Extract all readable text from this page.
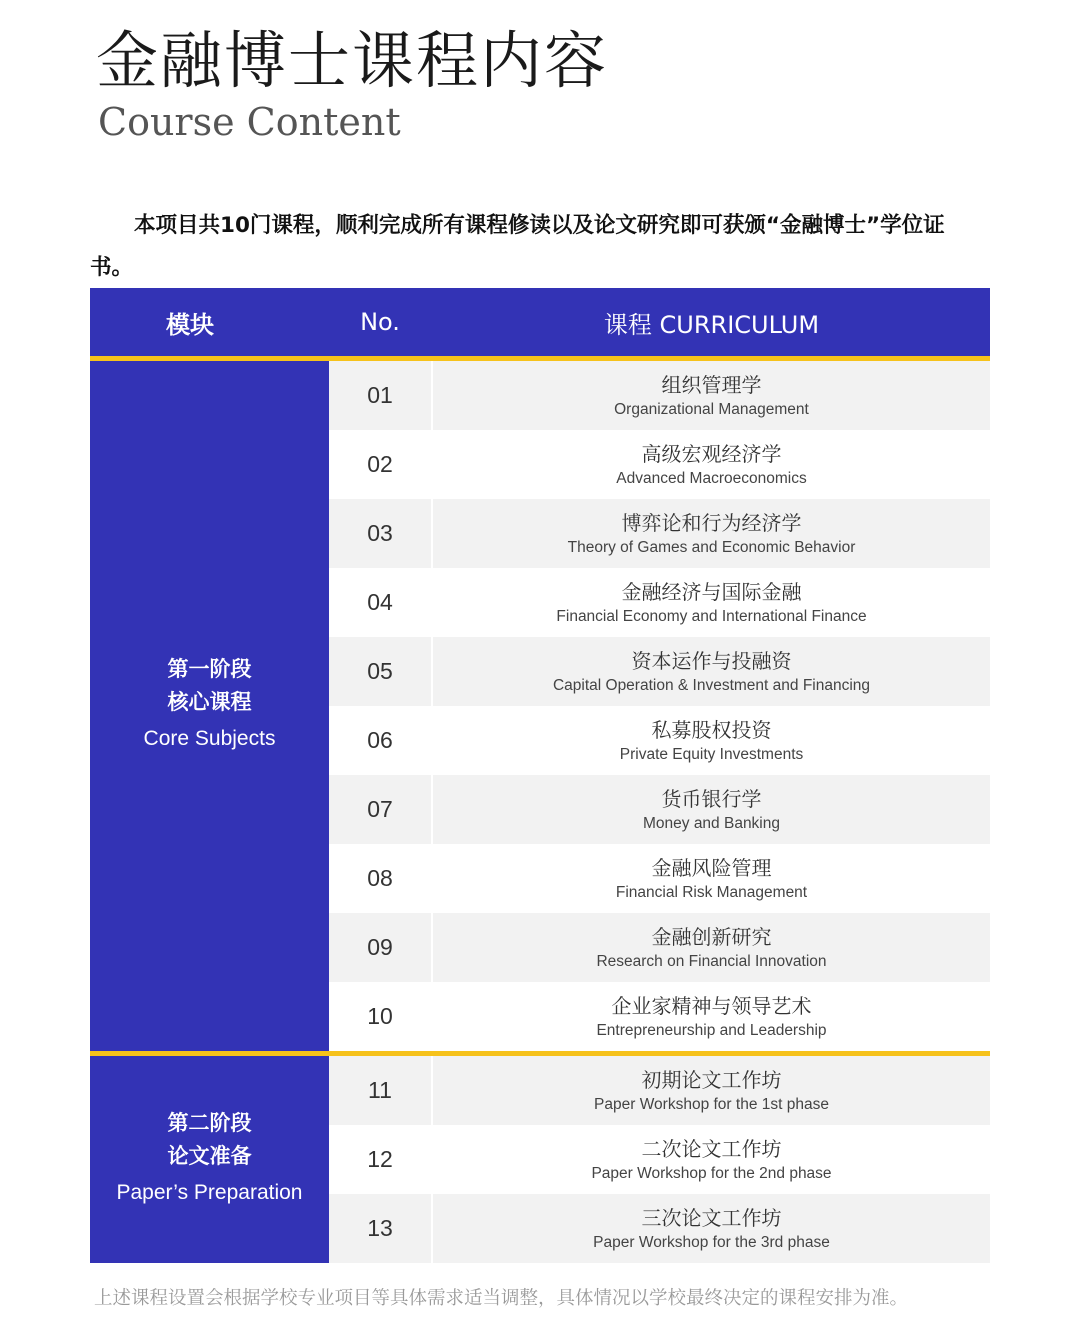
金融博士课程内容
Course Content

本项目共10门课程，顺利完成所有课程修读以及论文研究即可获颁“金融博士”学位证书。

模块	No.	课程 CURRICULUM
第一阶段
核心课程
Core Subjects
01	组织管理学
Organizational Management
02	高级宏观经济学
Advanced Macroeconomics
03	博弈论和行为经济学
Theory of Games and Economic Behavior
04	金融经济与国际金融
Financial Economy and International Finance
05	资本运作与投融资
Capital Operation & Investment and Financing
06	私募股权投资
Private Equity Investments
07	货币银行学
Money and Banking
08	金融风险管理
Financial Risk Management
09	金融创新研究
Research on Financial Innovation
10	企业家精神与领导艺术
Entrepreneurship and Leadership
第二阶段
论文准备
Paper’s Preparation
11	初期论文工作坊
Paper Workshop for the 1st phase
12	二次论文工作坊
Paper Workshop for the 2nd phase
13	三次论文工作坊
Paper Workshop for the 3rd phase
上述课程设置会根据学校专业项目等具体需求适当调整，具体情况以学校最终决定的课程安排为准。
